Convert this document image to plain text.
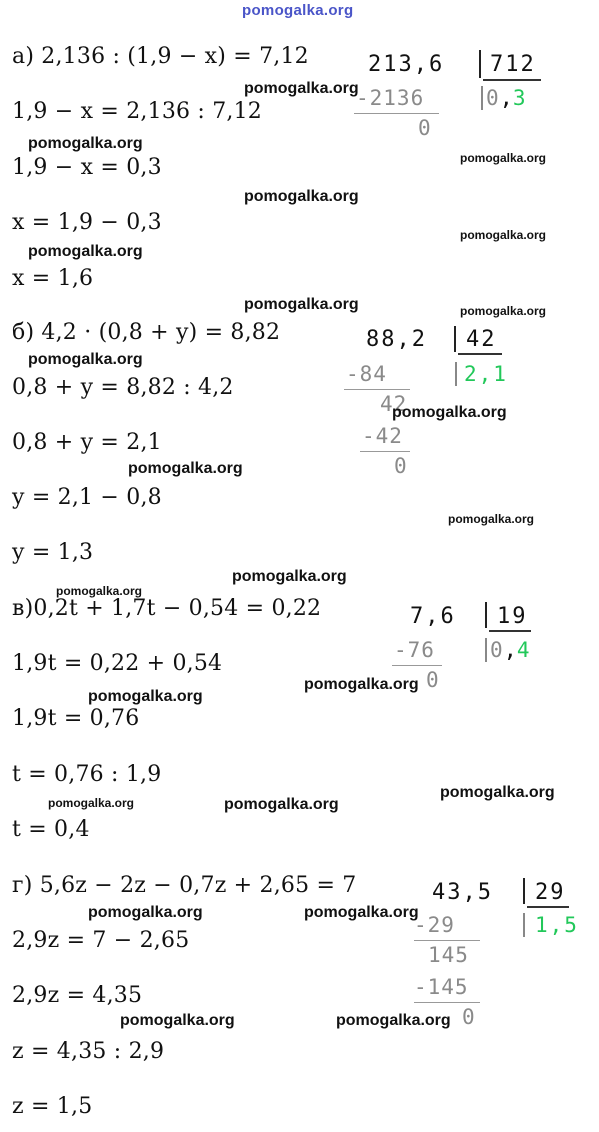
pomogalka.org
а) 2,136 : (1,9 − x) = 7,12
1,9 − x = 2,136 : 7,12
1,9 − x = 0,3
x = 1,9 − 0,3
x = 1,6
213,6 712
0,3
-2136
0
б) 4,2 · (0,8 + y) = 8,82
0,8 + y = 8,82 : 4,2
0,8 + y = 2,1
y = 2,1 − 0,8
y = 1,3
88,2 42
2,1
-84
42
-42
0
в)0,2t + 1,7t − 0,54 = 0,22
1,9t = 0,22 + 0,54
1,9t = 0,76
t = 0,76 : 1,9
t = 0,4
7,6 19
0,4
-76
0
г) 5,6z − 2z − 0,7z + 2,65 = 7
2,9z = 7 − 2,65
2,9z = 4,35
z = 4,35 : 2,9
z = 1,5
43,5 29
1,5
-29
145
-145
0
pomogalka.org
pomogalka.org
pomogalka.org
pomogalka.org
pomogalka.org
pomogalka.org
pomogalka.org	pomogalka.org
pomogalka.org
pomogalka.org
pomogalka.org
pomogalka.org
pomogalka.org
pomogalka.org
pomogalka.org
pomogalka.org
pomogalka.org
pomogalka.org	pomogalka.org
pomogalka.org	pomogalka.org
pomogalka.org	pomogalka.org
